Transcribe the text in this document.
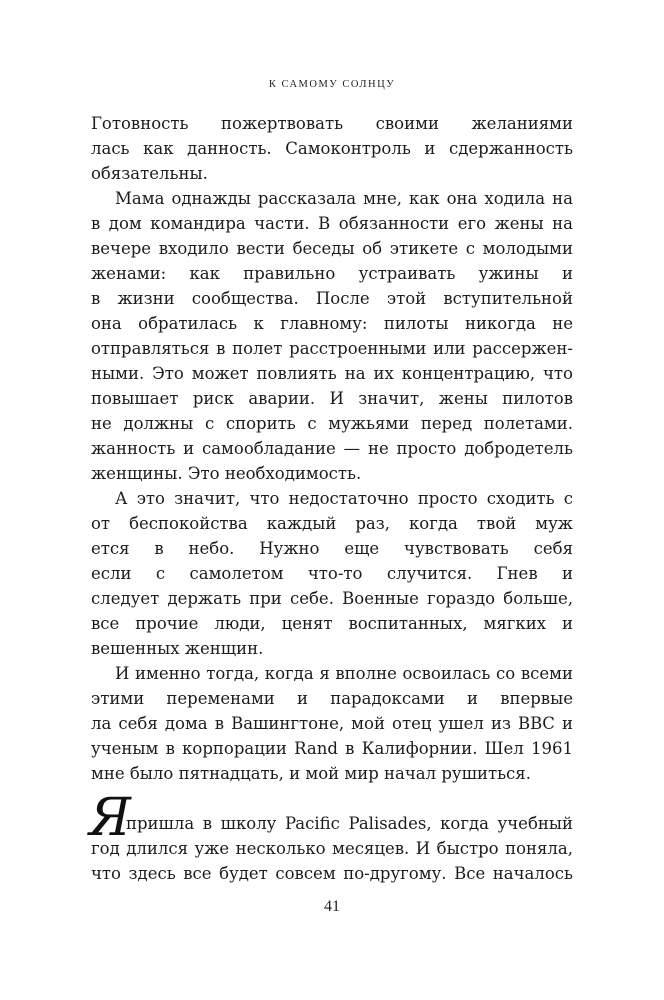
К САМОМУ СОЛНЦУ
Готовность пожертвовать своими желаниями
лась как данность. Самоконтроль и сдержанность
обязательны.
Мама однажды рассказала мне, как она ходила на
в дом командира части. В обязанности его жены на
вечере входило вести беседы об этикете с молодыми
женами: как правильно устраивать ужины и
в жизни сообщества. После этой вступительной
она обратилась к главному: пилоты никогда не
отправляться в полет расстроенными или рассержен-
ными. Это может повлиять на их концентрацию, что
повышает риск аварии. И значит, жены пилотов
не должны с спорить с мужьями перед полетами.
жанность и самообладание — не просто добродетель
женщины. Это необходимость.
А это значит, что недостаточно просто сходить с
от беспокойства каждый раз, когда твой муж
ется в небо. Нужно еще чувствовать себя
если с самолетом что-то случится. Гнев и
следует держать при себе. Военные гораздо больше,
все прочие люди, ценят воспитанных, мягких и
вешенных женщин.
И именно тогда, когда я вполне освоилась со всеми
этими переменами и парадоксами и впервые
ла себя дома в Вашингтоне, мой отец ушел из ВВС и
ученым в корпорации Rand в Калифорнии. Шел 1961
мне было пятнадцать, и мой мир начал рушиться.
Я
пришла в школу Pacific Palisades, когда учебный
год длился уже несколько месяцев. И быстро поняла,
что здесь все будет совсем по-другому. Все началось
41
